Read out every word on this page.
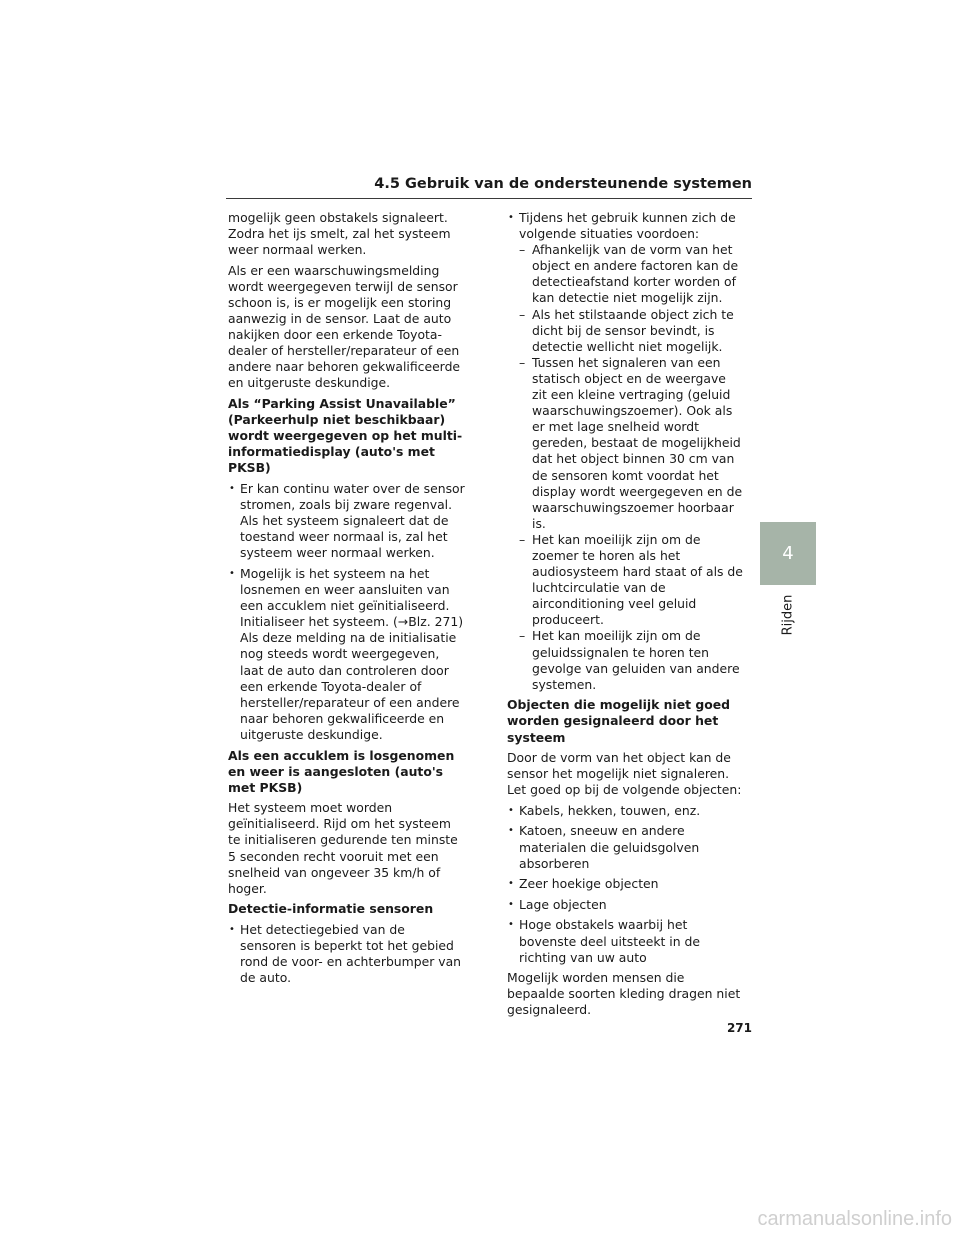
4.5 Gebruik van de ondersteunende systemen

mogelijk geen obstakels signaleert. Zodra het ijs smelt, zal het systeem weer normaal werken.

Als er een waarschuwingsmelding wordt weergegeven terwijl de sensor schoon is, is er mogelijk een storing aanwezig in de sensor. Laat de auto nakijken door een erkende Toyota-dealer of hersteller/reparateur of een andere naar behoren gekwalificeerde en uitgeruste deskundige.

Als “Parking Assist Unavailable” (Parkeerhulp niet beschikbaar) wordt weergegeven op het multi-informatiedisplay (auto's met PKSB)
• Er kan continu water over de sensor stromen, zoals bij zware regenval. Als het systeem signaleert dat de toestand weer normaal is, zal het systeem weer normaal werken.
• Mogelijk is het systeem na het losnemen en weer aansluiten van een accuklem niet geïnitialiseerd. Initialiseer het systeem. (→Blz. 271) Als deze melding na de initialisatie nog steeds wordt weergegeven, laat de auto dan controleren door een erkende Toyota-dealer of hersteller/reparateur of een andere naar behoren gekwalificeerde en uitgeruste deskundige.
Als een accuklem is losgenomen en weer is aangesloten (auto's met PKSB)

Het systeem moet worden geïnitialiseerd. Rijd om het systeem te initialiseren gedurende ten minste 5 seconden recht vooruit met een snelheid van ongeveer 35 km/h of hoger.

Detectie-informatie sensoren
• Het detectiegebied van de sensoren is beperkt tot het gebied rond de voor- en achterbumper van de auto.
• Tijdens het gebruik kunnen zich de volgende situaties voordoen:
– Afhankelijk van de vorm van het object en andere factoren kan de detectieafstand korter worden of kan detectie niet mogelijk zijn.
– Als het stilstaande object zich te dicht bij de sensor bevindt, is detectie wellicht niet mogelijk.
– Tussen het signaleren van een statisch object en de weergave zit een kleine vertraging (geluid waarschuwingszoemer). Ook als er met lage snelheid wordt gereden, bestaat de mogelijkheid dat het object binnen 30 cm van de sensoren komt voordat het display wordt weergegeven en de waarschuwingszoemer hoorbaar is.
– Het kan moeilijk zijn om de zoemer te horen als het audiosysteem hard staat of als de luchtcirculatie van de airconditioning veel geluid produceert.
– Het kan moeilijk zijn om de geluidssignalen te horen ten gevolge van geluiden van andere systemen.
Objecten die mogelijk niet goed worden gesignaleerd door het systeem

Door de vorm van het object kan de sensor het mogelijk niet signaleren. Let goed op bij de volgende objecten:

• Kabels, hekken, touwen, enz.
• Katoen, sneeuw en andere materialen die geluidsgolven absorberen
• Zeer hoekige objecten
• Lage objecten
• Hoge obstakels waarbij het bovenste deel uitsteekt in de richting van uw auto

Mogelijk worden mensen die bepaalde soorten kleding dragen niet gesignaleerd.

4
Rijden
271
carmanualsonline.info
